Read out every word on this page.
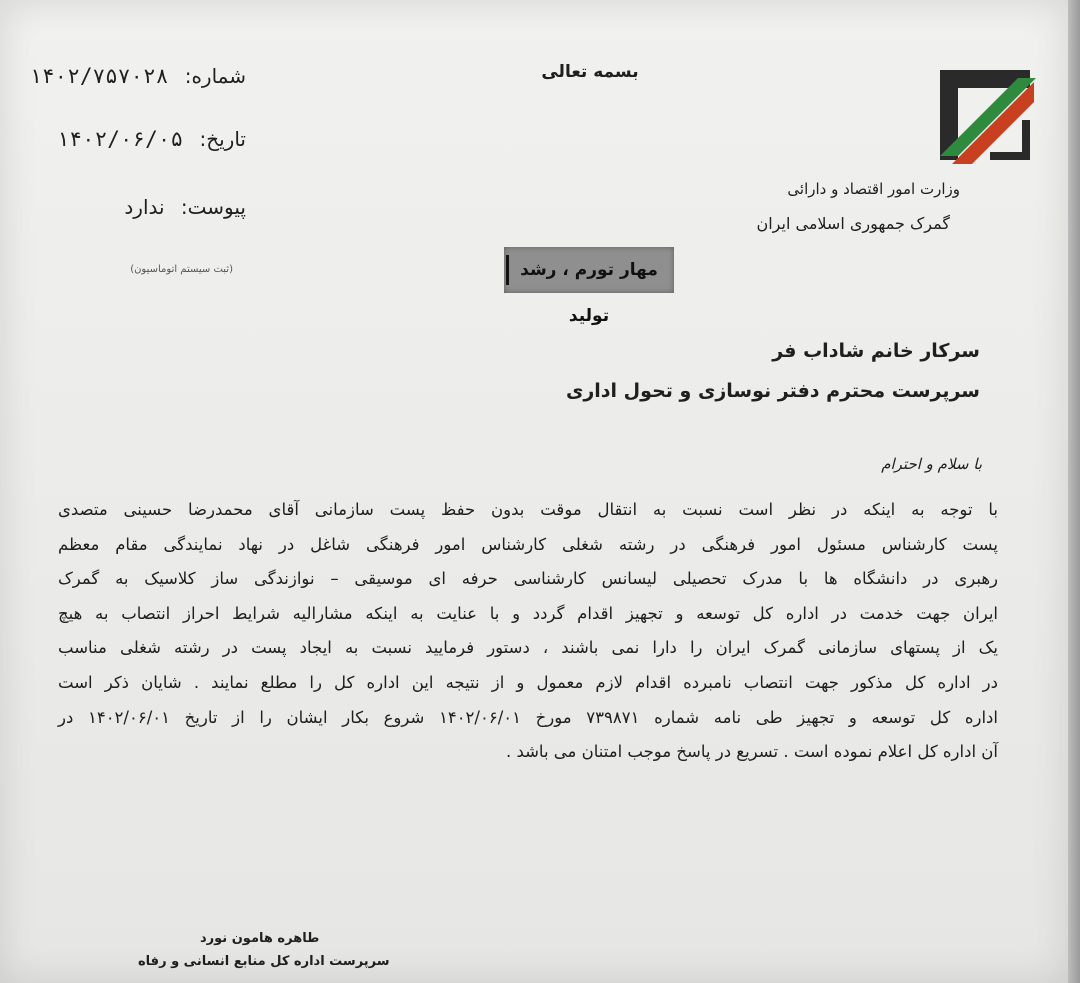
بسمه تعالی
شماره: ۱۴۰۲/۷۵۷۰۲۸
تاریخ: ۱۴۰۲/۰۶/۰۵
پیوست: ندارد
(ثبت سیستم اتوماسیون)
وزارت امور اقتصاد و دارائی
گمرک جمهوری اسلامی ایران
مهار تورم ، رشد تولید
سرکار خانم شاداب فر
سرپرست محترم دفتر نوسازی و تحول اداری
با سلام و احترام
با توجه به اینکه در نظر است نسبت به انتقال موقت بدون حفظ پست سازمانی آقای محمدرضا حسینی متصدی
پست کارشناس مسئول امور فرهنگی در رشته شغلی کارشناس امور فرهنگی شاغل در نهاد نمایندگی مقام معظم
رهبری در دانشگاه ها با مدرک تحصیلی لیسانس کارشناسی حرفه ای موسیقی – نوازندگی ساز کلاسیک به گمرک
ایران جهت خدمت در اداره کل توسعه و تجهیز اقدام گردد و با عنایت به اینکه مشارالیه شرایط احراز انتصاب به هیچ
یک از پستهای سازمانی گمرک ایران را دارا نمی باشند ، دستور فرمایید نسبت به ایجاد پست در رشته شغلی مناسب
در اداره کل مذکور جهت انتصاب نامبرده اقدام لازم معمول و از نتیجه این اداره کل را مطلع نمایند . شایان ذکر است
اداره کل توسعه و تجهیز طی نامه شماره ۷۳۹۸۷۱ مورخ ۱۴۰۲/۰۶/۰۱ شروع بکار ایشان را از تاریخ ۱۴۰۲/۰۶/۰۱ در
آن اداره کل اعلام نموده است . تسریع در پاسخ موجب امتنان می باشد .
طاهره هامون نورد
سرپرست اداره کل منابع انسانی و رفاه
